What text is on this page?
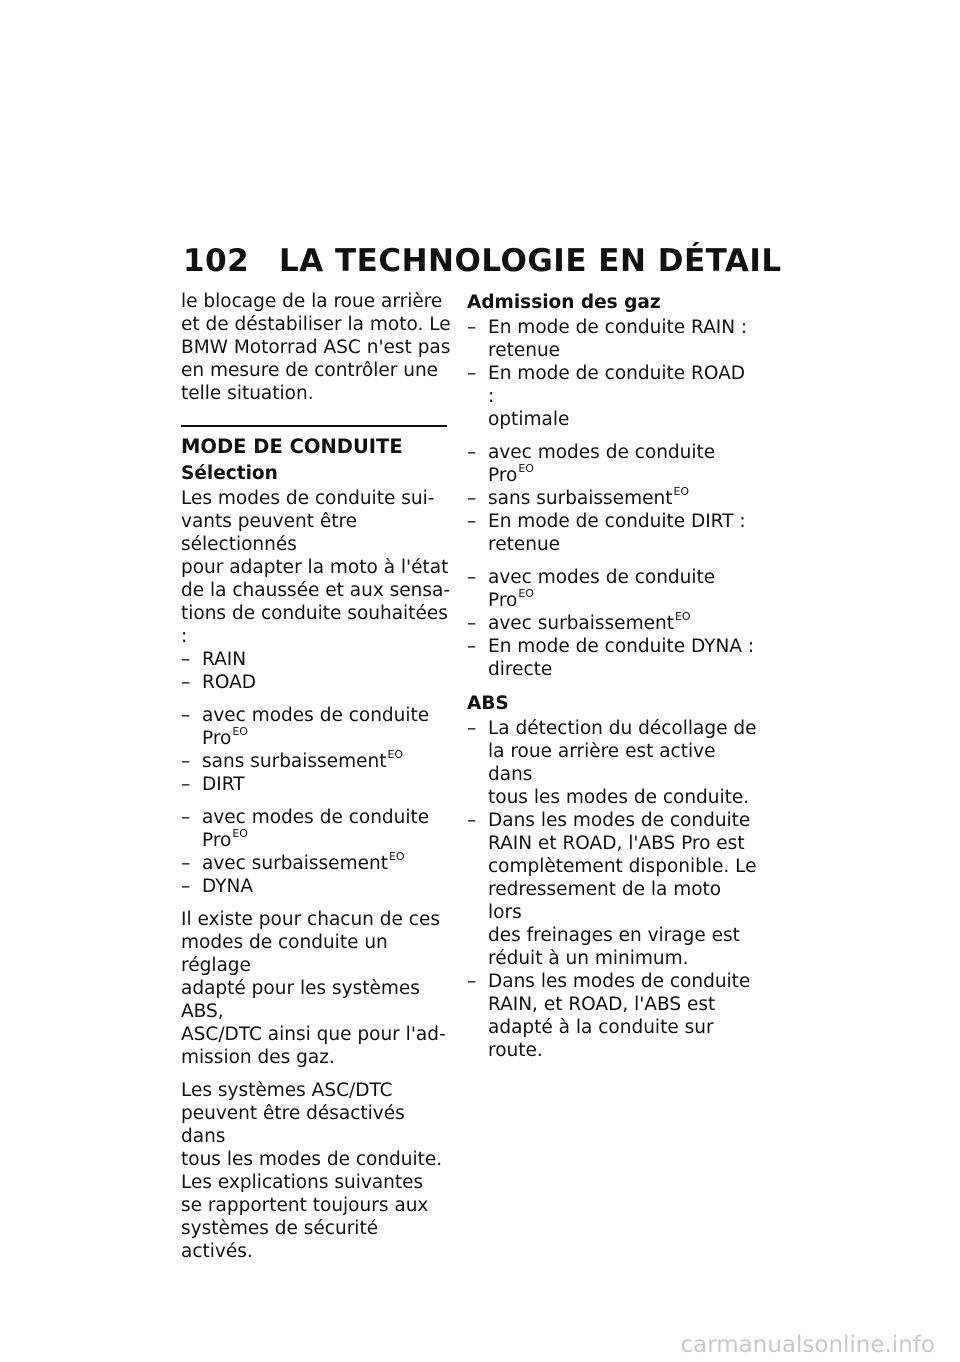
102 LA TECHNOLOGIE EN DÉTAIL

le blocage de la roue arrière
et de déstabiliser la moto. Le
BMW Motorrad ASC n'est pas
en mesure de contrôler une
telle situation.

MODE DE CONDUITE
Sélection

Les modes de conduite sui-
vants peuvent être sélectionnés
pour adapter la moto à l'état
de la chaussée et aux sensa-
tions de conduite souhaitées :

– RAIN
– ROAD
– avec modes de conduite
Pro$^{EO}$
– sans surbaissement$^{EO}$
– DIRT
– avec modes de conduite
Pro$^{EO}$
– avec surbaissement$^{EO}$
– DYNA

Il existe pour chacun de ces
modes de conduite un réglage
adapté pour les systèmes ABS,
ASC/DTC ainsi que pour l'ad-
mission des gaz.

Les systèmes ASC/DTC
peuvent être désactivés dans
tous les modes de conduite.
Les explications suivantes
se rapportent toujours aux
systèmes de sécurité activés.

Admission des gaz
– En mode de conduite RAIN :
retenue
– En mode de conduite ROAD :
optimale
– avec modes de conduite
Pro$^{EO}$
– sans surbaissement$^{EO}$
– En mode de conduite DIRT :
retenue
– avec modes de conduite
Pro$^{EO}$
– avec surbaissement$^{EO}$
– En mode de conduite DYNA :
directe
ABS
– La détection du décollage de
la roue arrière est active dans
tous les modes de conduite.
– Dans les modes de conduite
RAIN et ROAD, l'ABS Pro est
complètement disponible. Le
redressement de la moto lors
des freinages en virage est
réduit à un minimum.
– Dans les modes de conduite
RAIN, et ROAD, l'ABS est
adapté à la conduite sur route.
carmanualsonline.info
